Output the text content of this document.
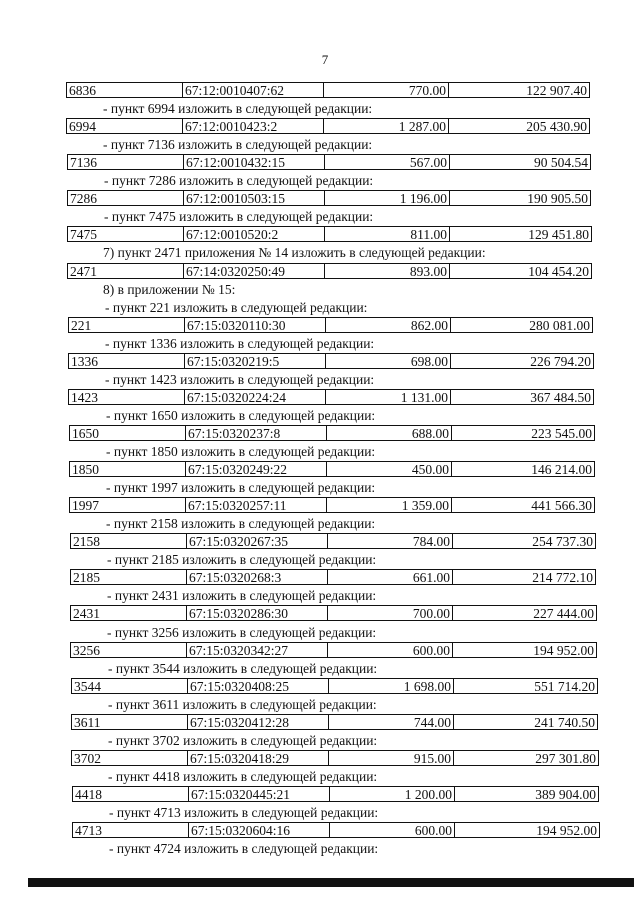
7
6836	67:12:0010407:62	770.00	122 907.40
- пункт 6994 изложить в следующей редакции:
6994	67:12:0010423:2	1 287.00	205 430.90
- пункт 7136 изложить в следующей редакции:
7136	67:12:0010432:15	567.00	90 504.54
- пункт 7286 изложить в следующей редакции:
7286	67:12:0010503:15	1 196.00	190 905.50
- пункт 7475 изложить в следующей редакции:
7475	67:12:0010520:2	811.00	129 451.80
7) пункт 2471 приложения № 14 изложить в следующей редакции:
2471	67:14:0320250:49	893.00	104 454.20
8) в приложении № 15:
- пункт 221 изложить в следующей редакции:
221	67:15:0320110:30	862.00	280 081.00
- пункт 1336 изложить в следующей редакции:
1336	67:15:0320219:5	698.00	226 794.20
- пункт 1423 изложить в следующей редакции:
1423	67:15:0320224:24	1 131.00	367 484.50
- пункт 1650 изложить в следующей редакции:
1650	67:15:0320237:8	688.00	223 545.00
- пункт 1850 изложить в следующей редакции:
1850	67:15:0320249:22	450.00	146 214.00
- пункт 1997 изложить в следующей редакции:
1997	67:15:0320257:11	1 359.00	441 566.30
- пункт 2158 изложить в следующей редакции:
2158	67:15:0320267:35	784.00	254 737.30
- пункт 2185 изложить в следующей редакции:
2185	67:15:0320268:3	661.00	214 772.10
- пункт 2431 изложить в следующей редакции:
2431	67:15:0320286:30	700.00	227 444.00
- пункт 3256 изложить в следующей редакции:
3256	67:15:0320342:27	600.00	194 952.00
- пункт 3544 изложить в следующей редакции:
3544	67:15:0320408:25	1 698.00	551 714.20
- пункт 3611 изложить в следующей редакции:
3611	67:15:0320412:28	744.00	241 740.50
- пункт 3702 изложить в следующей редакции:
3702	67:15:0320418:29	915.00	297 301.80
- пункт 4418 изложить в следующей редакции:
4418	67:15:0320445:21	1 200.00	389 904.00
- пункт 4713 изложить в следующей редакции:
4713	67:15:0320604:16	600.00	194 952.00
- пункт 4724 изложить в следующей редакции:
